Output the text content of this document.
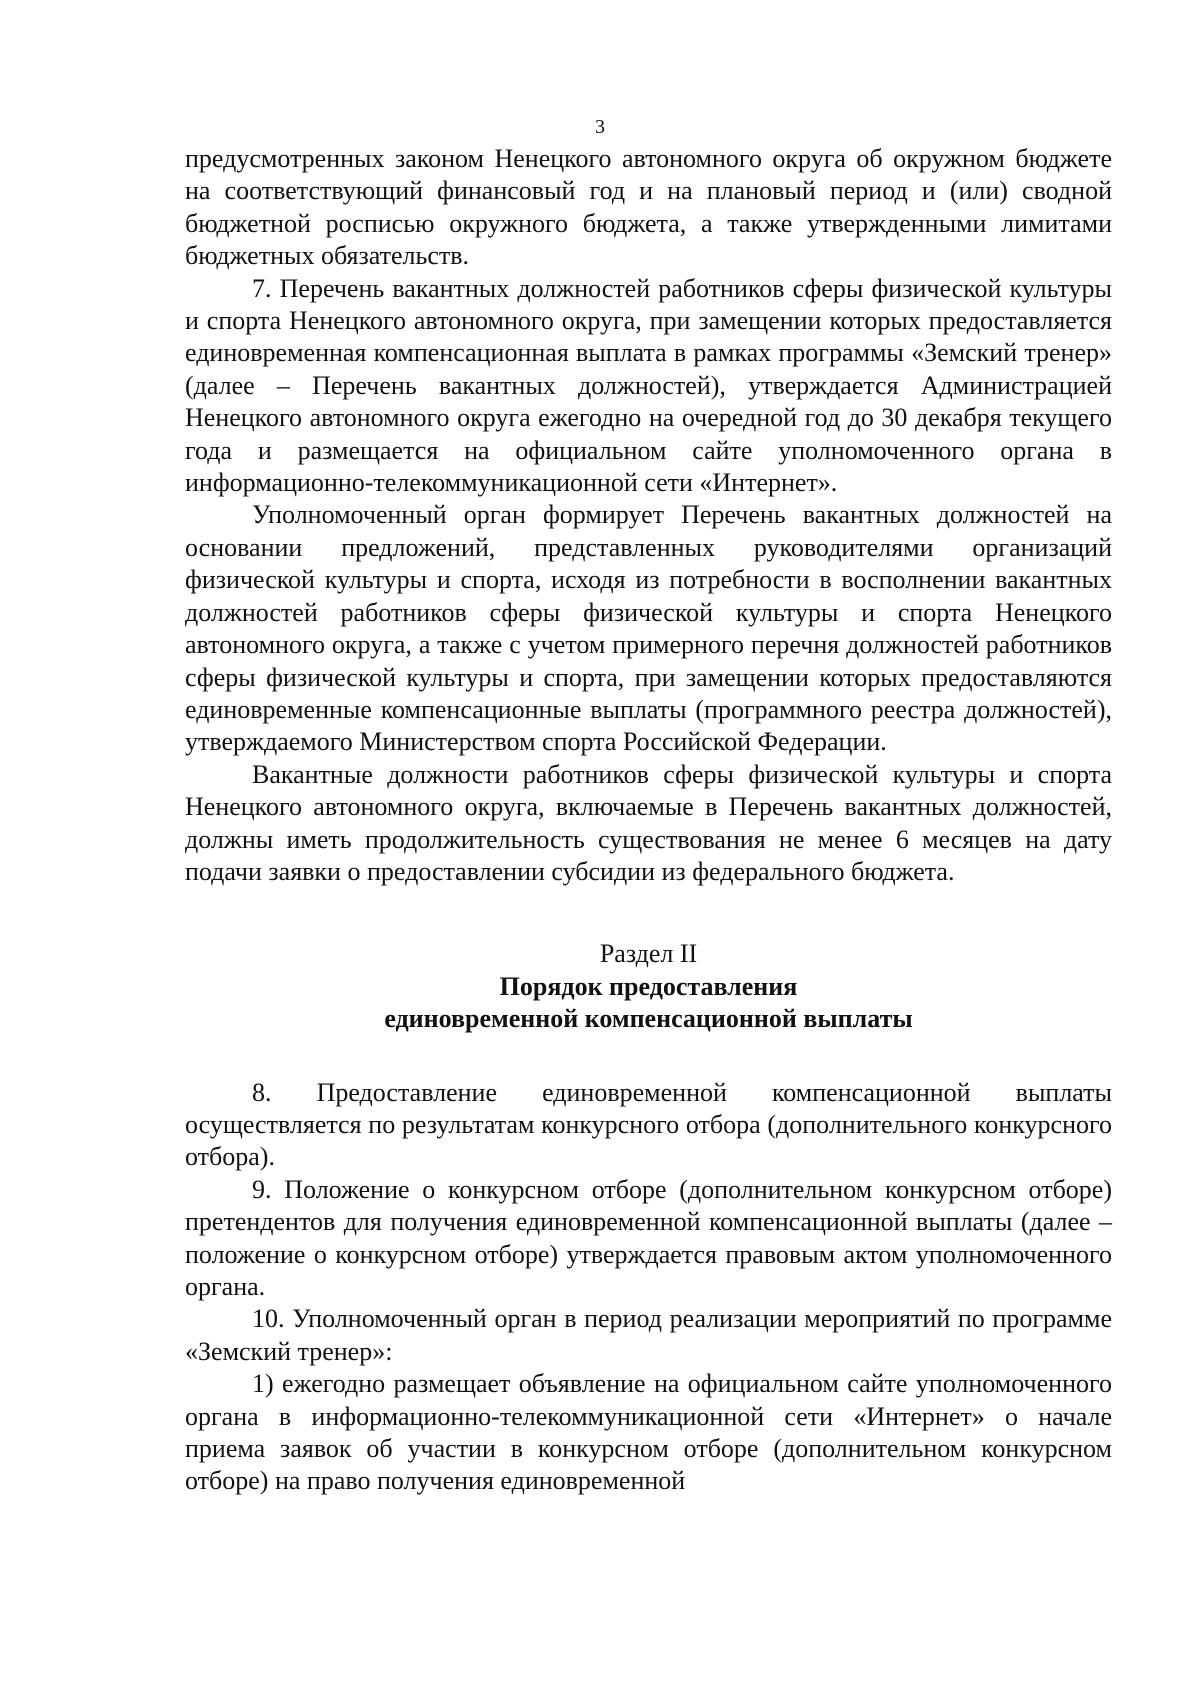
3

предусмотренных законом Ненецкого автономного округа об окружном бюджете на соответствующий финансовый год и на плановый период и (или) сводной бюджетной росписью окружного бюджета, а также утвержденными лимитами бюджетных обязательств.

7. Перечень вакантных должностей работников сферы физической культуры и спорта Ненецкого автономного округа, при замещении которых предоставляется единовременная компенсационная выплата в рамках программы «Земский тренер» (далее – Перечень вакантных должностей), утверждается Администрацией Ненецкого автономного округа ежегодно на очередной год до 30 декабря текущего года и размещается на официальном сайте уполномоченного органа в информационно-телекоммуникационной сети «Интернет».

Уполномоченный орган формирует Перечень вакантных должностей на основании предложений, представленных руководителями организаций физической культуры и спорта, исходя из потребности в восполнении вакантных должностей работников сферы физической культуры и спорта Ненецкого автономного округа, а также с учетом примерного перечня должностей работников сферы физической культуры и спорта, при замещении которых предоставляются единовременные компенсационные выплаты (программного реестра должностей), утверждаемого Министерством спорта Российской Федерации.

Вакантные должности работников сферы физической культуры и спорта Ненецкого автономного округа, включаемые в Перечень вакантных должностей, должны иметь продолжительность существования не менее 6 месяцев на дату подачи заявки о предоставлении субсидии из федерального бюджета.

Раздел II

Порядок предоставления
единовременной компенсационной выплаты

8. Предоставление единовременной компенсационной выплаты осуществляется по результатам конкурсного отбора (дополнительного конкурсного отбора).

9. Положение о конкурсном отборе (дополнительном конкурсном отборе) претендентов для получения единовременной компенсационной выплаты (далее – положение о конкурсном отборе) утверждается правовым актом уполномоченного органа.

10. Уполномоченный орган в период реализации мероприятий по программе «Земский тренер»:

1) ежегодно размещает объявление на официальном сайте уполномоченного органа в информационно-телекоммуникационной сети «Интернет» о начале приема заявок об участии в конкурсном отборе (дополнительном конкурсном отборе) на право получения единовременной
